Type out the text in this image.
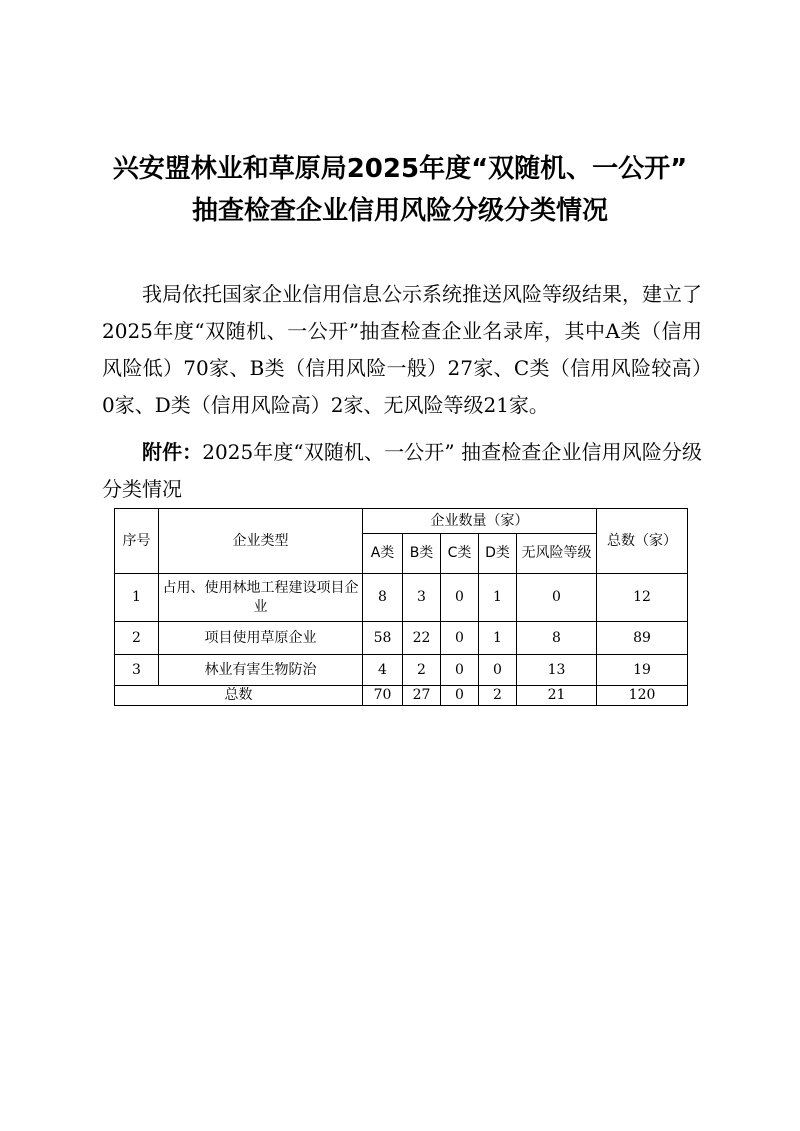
兴安盟林业和草原局2025年度“双随机、一公开”
抽查检查企业信用风险分级分类情况
我局依托国家企业信用信息公示系统推送风险等级结果，建立了2025年度“双随机、一公开”抽查检查企业名录库，其中A类（信用风险低）70家、B类（信用风险一般）27家、C类（信用风险较高）0家、D类（信用风险高）2家、无风险等级21家。
附件：2025年度“双随机、一公开” 抽查检查企业信用风险分级分类情况
序号	企业类型	企业数量（家）					总数（家）
		A类	B类	C类	D类	无风险等级	
1	占用、使用林地工程建设项目企业	8	3	0	1	0	12
2	项目使用草原企业	58	22	0	1	8	89
3	林业有害生物防治	4	2	0	0	13	19
总数		70	27	0	2	21	120
